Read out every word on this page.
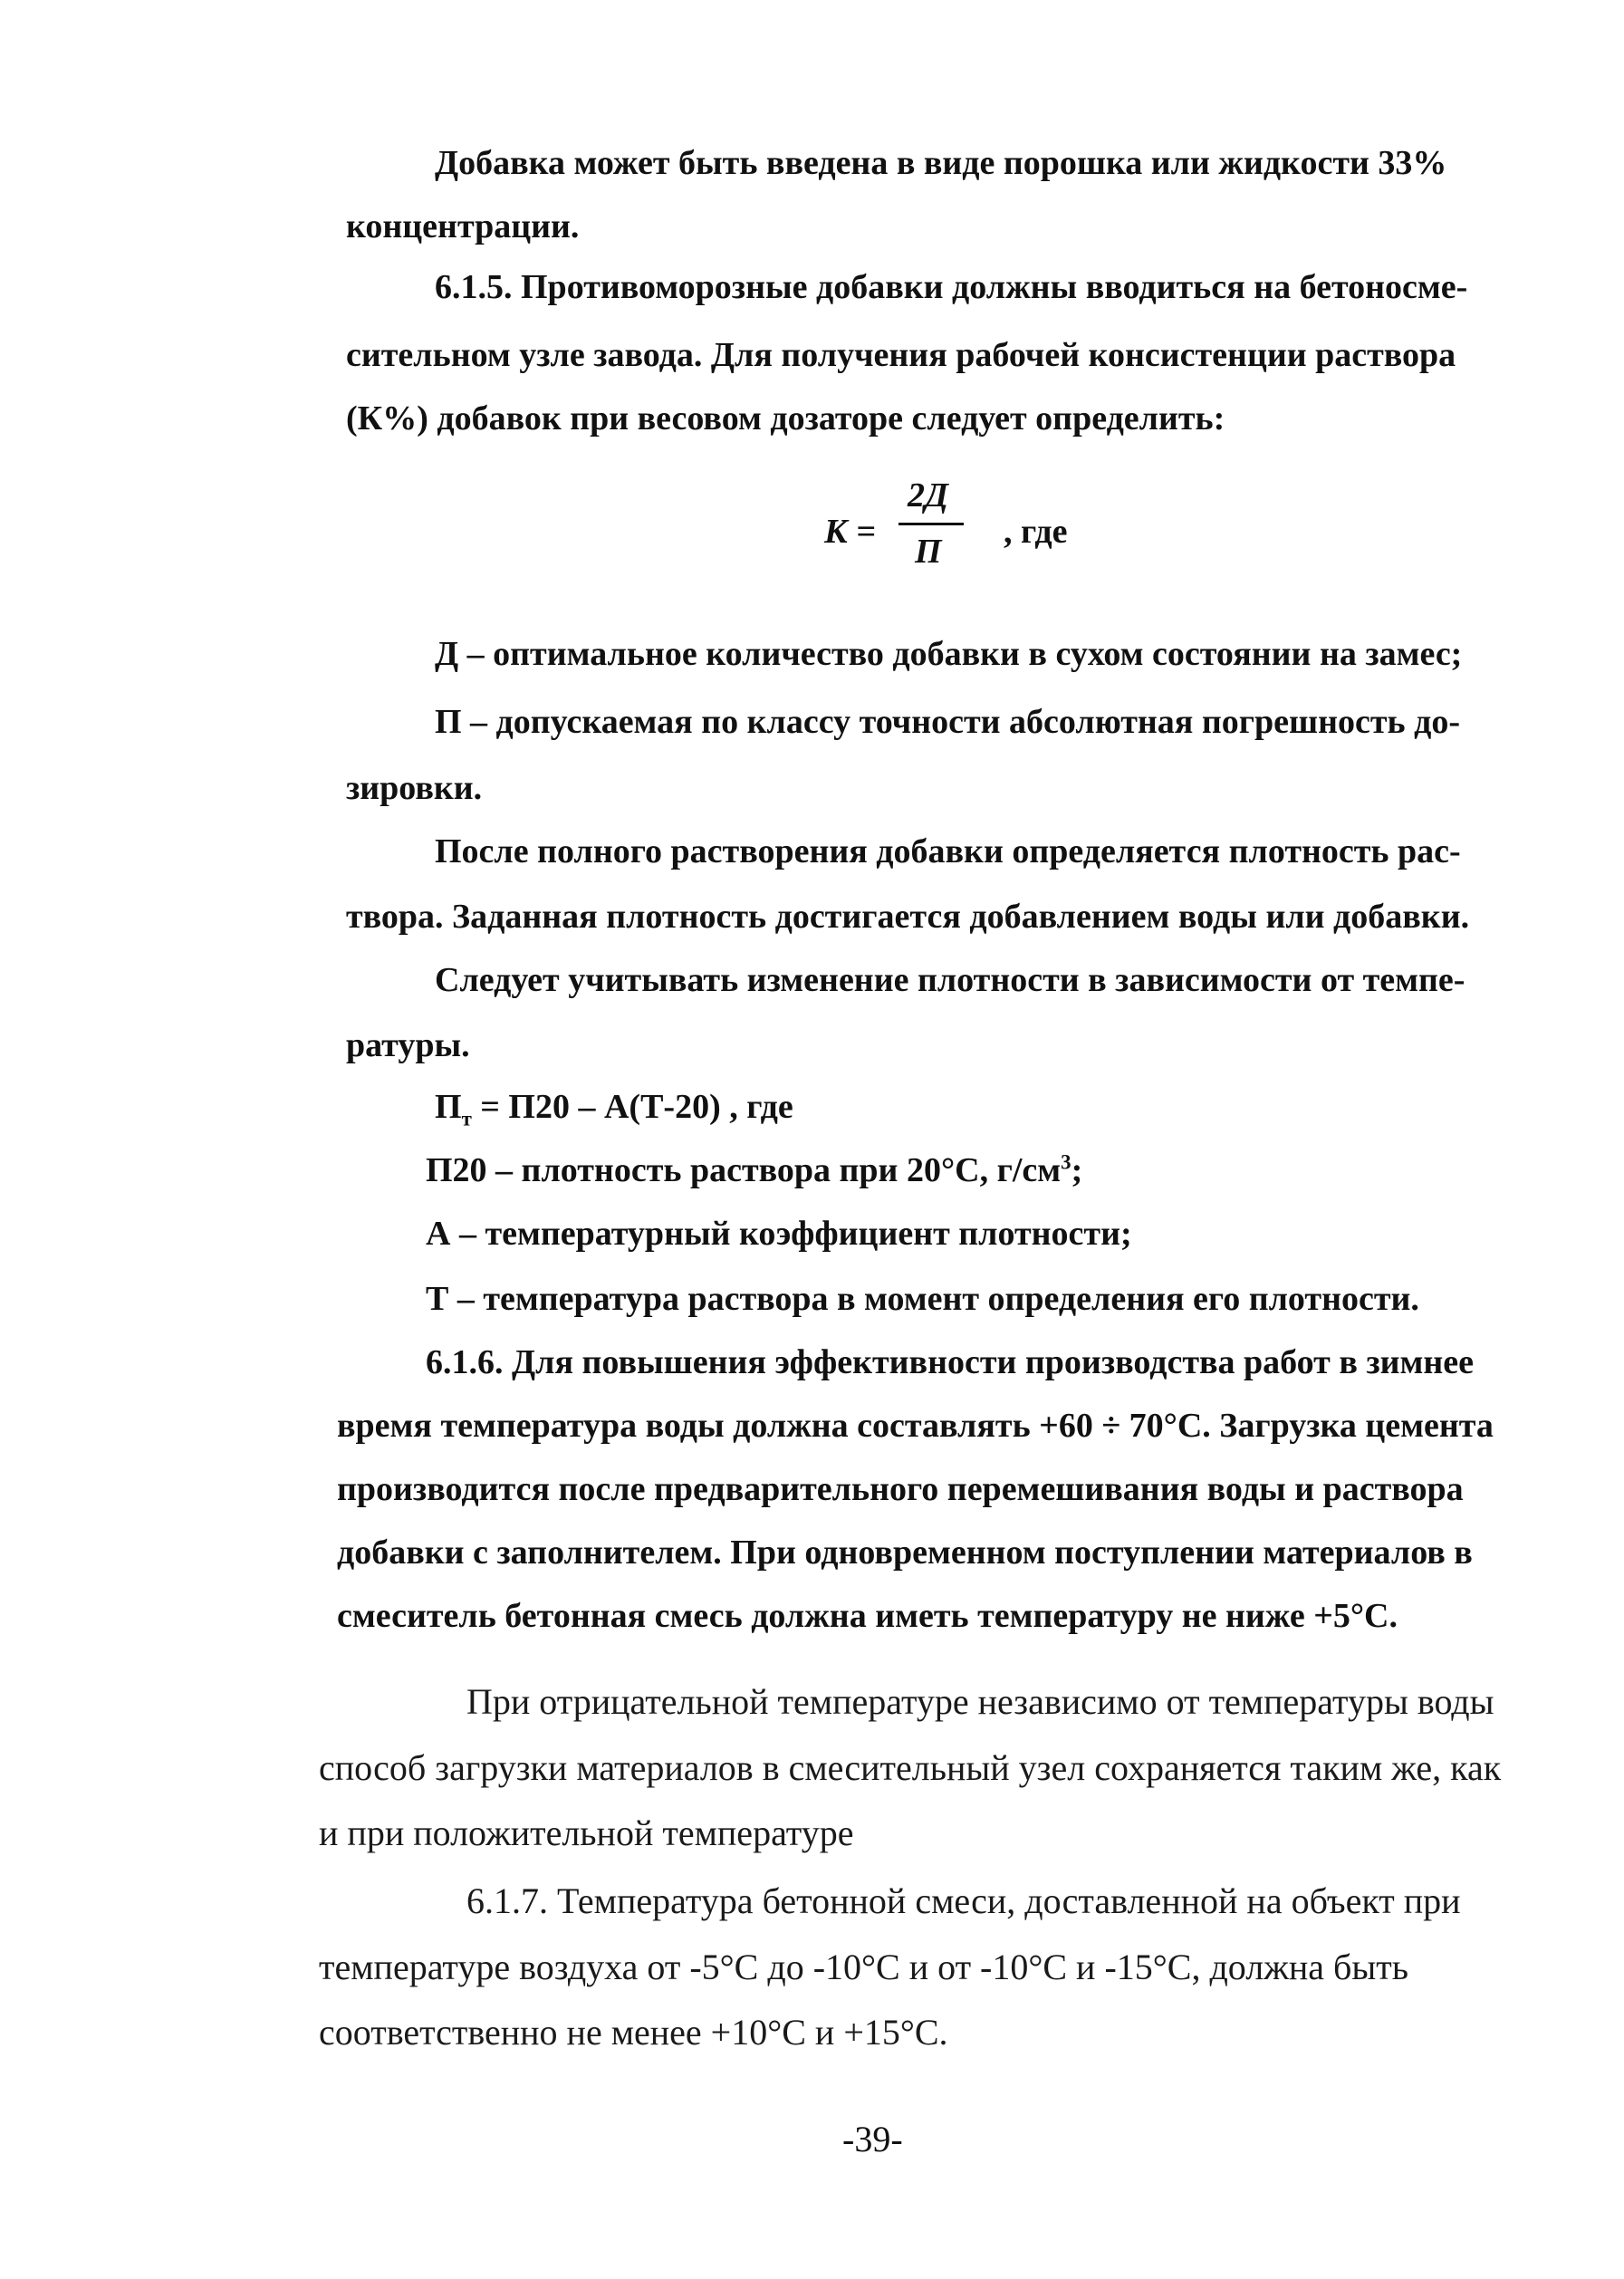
Добавка может быть введена в виде порошка или жидкости 33%
концентрации.
6.1.5. Противоморозные добавки должны вводиться на бетоносме-
сительном узле завода. Для получения рабочей консистенции раствора
(К%) добавок при весовом дозаторе следует определить:
К =
2Д
П
, где
Д – оптимальное количество добавки в сухом состоянии на замес;
П – допускаемая по классу точности абсолютная погрешность до-
зировки.
После полного растворения добавки определяется плотность рас-
твора. Заданная плотность достигается добавлением воды или добавки.
Следует учитывать изменение плотности в зависимости от темпе-
ратуры.
$П_т = П20 - А(Т-20)$ , где
П20 – плотность раствора при 20°С, $г/см^3$;
А – температурный коэффициент плотности;
Т – температура раствора в момент определения его плотности.
6.1.6. Для повышения эффективности производства работ в зимнее
время температура воды должна составлять +60 ÷ 70°С. Загрузка цемента
производится после предварительного перемешивания воды и раствора
добавки с заполнителем. При одновременном поступлении материалов в
смеситель бетонная смесь должна иметь температуру не ниже +5°С.
При отрицательной температуре независимо от температуры воды
способ загрузки материалов в смесительный узел сохраняется таким же, как
и при положительной температуре
6.1.7. Температура бетонной смеси, доставленной на объект при
температуре воздуха от -5°С до -10°С и от -10°С и -15°С, должна быть
соответственно не менее +10°С и +15°С.
-39-
